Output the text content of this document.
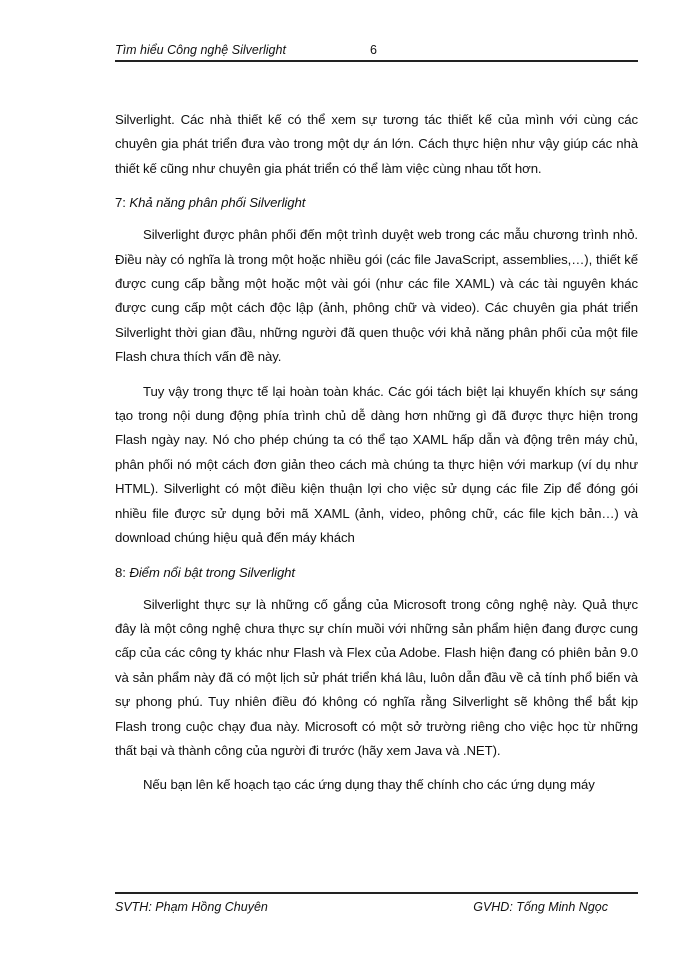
Tìm hiểu Công nghệ Silverlight	6

Silverlight. Các nhà thiết kế có thể xem sự tương tác thiết kế của mình với cùng các chuyên gia phát triển đưa vào trong một dự án lớn. Cách thực hiện như vậy giúp các nhà thiết kế cũng như chuyên gia phát triển có thể làm việc cùng nhau tốt hơn.

7: Khả năng phân phối Silverlight

Silverlight được phân phối đến một trình duyệt web trong các mẫu chương trình nhỏ. Điều này có nghĩa là trong một hoặc nhiều gói (các file JavaScript, assemblies,…), thiết kế được cung cấp bằng một hoặc một vài gói (như các file XAML) và các tài nguyên khác được cung cấp một cách độc lập (ảnh, phông chữ và video). Các chuyên gia phát triển Silverlight thời gian đầu, những người đã quen thuộc với khả năng phân phối của một file Flash chưa thích vấn đề này.

Tuy vậy trong thực tế lại hoàn toàn khác. Các gói tách biệt lại khuyến khích sự sáng tạo trong nội dung động phía trình chủ dễ dàng hơn những gì đã được thực hiện trong Flash ngày nay. Nó cho phép chúng ta có thể tạo XAML hấp dẫn và động trên máy chủ, phân phối nó một cách đơn giản theo cách mà chúng ta thực hiện với markup (ví dụ như HTML). Silverlight có một điều kiện thuận lợi cho việc sử dụng các file Zip để đóng gói nhiều file được sử dụng bởi mã XAML (ảnh, video, phông chữ, các file kịch bản…) và download chúng hiệu quả đến máy khách

8: Điểm nổi bật trong Silverlight

Silverlight thực sự là những cố gắng của Microsoft trong công nghệ này. Quả thực đây là một công nghệ chưa thực sự chín muồi với những sản phẩm hiện đang được cung cấp của các công ty khác như Flash và Flex của Adobe. Flash hiện đang có phiên bản 9.0 và sản phẩm này đã có một lịch sử phát triển khá lâu, luôn dẫn đầu về cả tính phổ biến và sự phong phú. Tuy nhiên điều đó không có nghĩa rằng Silverlight sẽ không thể bắt kịp Flash trong cuộc chạy đua này. Microsoft có một sở trường riêng cho việc học từ những thất bại và thành công của người đi trước (hãy xem Java và .NET).

Nếu bạn lên kế hoạch tạo các ứng dụng thay thế chính cho các ứng dụng máy

SVTH: Phạm Hồng Chuyên	GVHD: Tống Minh Ngọc
